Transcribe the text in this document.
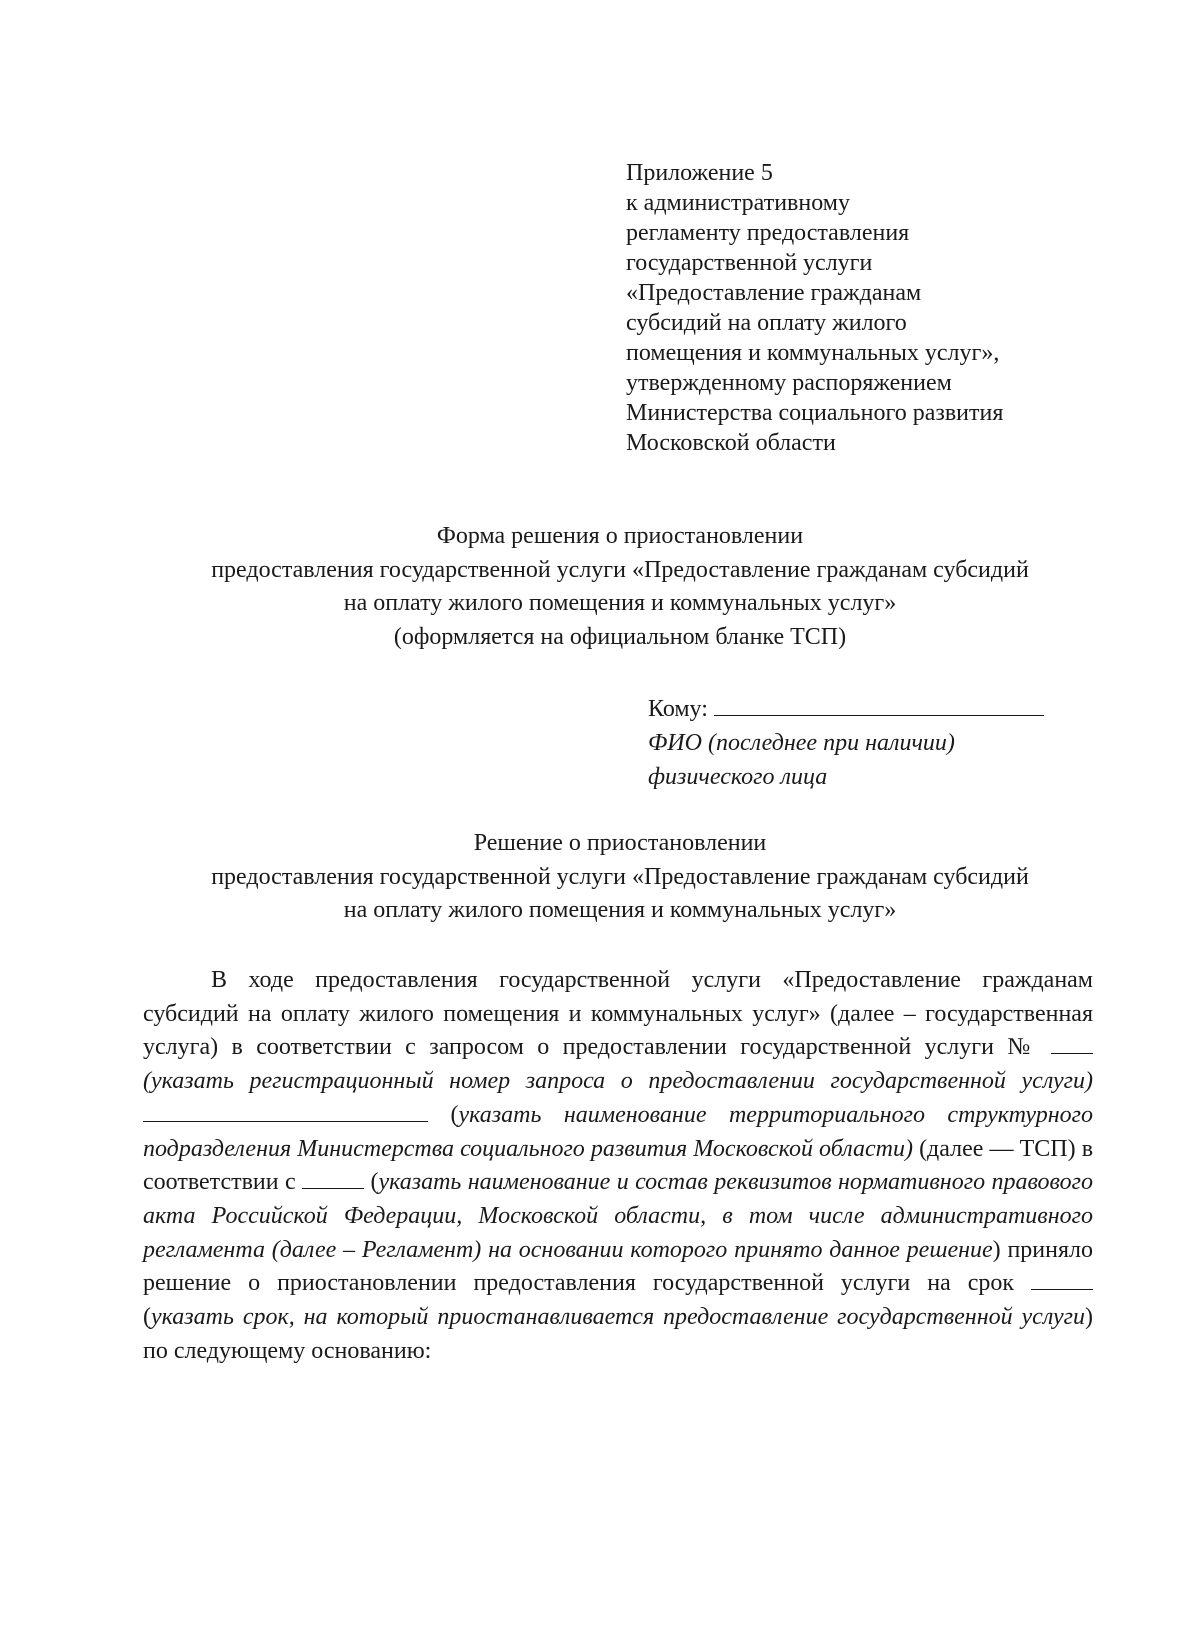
Приложение 5
к административному
регламенту предоставления
государственной услуги
«Предоставление гражданам
субсидий на оплату жилого
помещения и коммунальных услуг»,
утвержденному распоряжением
Министерства социального развития
Московской области
Форма решения о приостановлении
предоставления государственной услуги «Предоставление гражданам субсидий
на оплату жилого помещения и коммунальных услуг»
(оформляется на официальном бланке ТСП)
Кому:
ФИО (последнее при наличии)
физического лица
Решение о приостановлении
предоставления государственной услуги «Предоставление гражданам субсидий
на оплату жилого помещения и коммунальных услуг»
В ходе предоставления государственной услуги «Предоставление гражданам субсидий на оплату жилого помещения и коммунальных услуг» (далее – государственная услуга) в соответствии с запросом о предоставлении государственной услуги №  (указать регистрационный номер запроса о предоставлении государственной услуги)  (указать наименование территориального структурного подразделения Министерства социального развития Московской области) (далее — ТСП) в соответствии с	(указать наименование и состав реквизитов нормативного правового акта Российской Федерации, Московской области, в том числе административного регламента (далее – Регламент) на основании которого принято данное решение) приняло решение о приостановлении предоставления государственной услуги на срок  (указать срок, на который приостанавливается предоставление государственной услуги) по следующему основанию:
